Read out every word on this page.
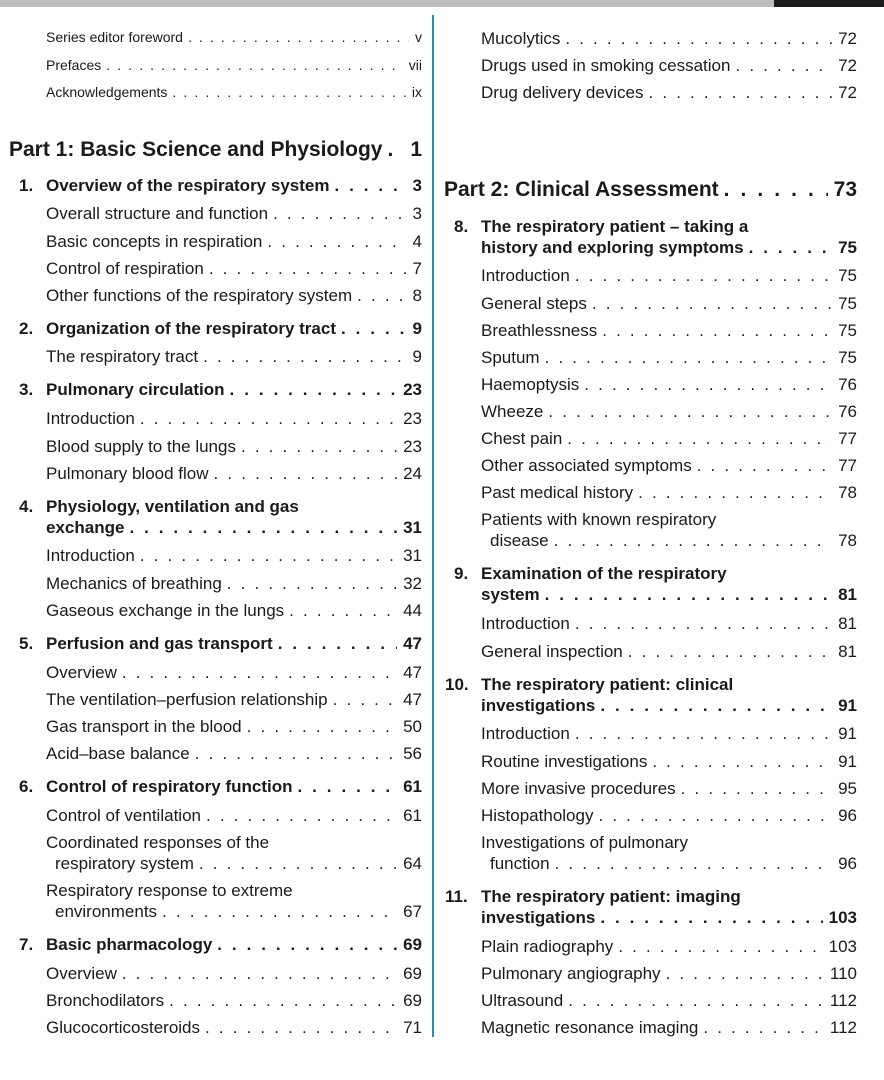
Series editor foreword . . .	v
Prefaces . . .	vii
Acknowledgements . . .	ix
Part 1: Basic Science and Physiology . . . 1
1. Overview of the respiratory system . . .	3
Overall structure and function . . .	3
Basic concepts in respiration . . .	4
Control of respiration . . .	7
Other functions of the respiratory system . . .	8
2. Organization of the respiratory tract . . .	9
The respiratory tract . . .	9
3. Pulmonary circulation . . .	23
Introduction . . .	23
Blood supply to the lungs . . .	23
Pulmonary blood flow . . .	24
4. Physiology, ventilation and gas
exchange . . .	31
Introduction . . .	31
Mechanics of breathing . . .	32
Gaseous exchange in the lungs . . .	44
5. Perfusion and gas transport . . .	47
Overview . . .	47
The ventilation–perfusion relationship . . .	47
Gas transport in the blood . . .	50
Acid–base balance . . .	56
6. Control of respiratory function . . .	61
Control of ventilation . . .	61
Coordinated responses of the
respiratory system . . .	64
Respiratory response to extreme
environments . . .	67
7. Basic pharmacology . . .	69
Overview . . .	69
Bronchodilators . . .	69
Glucocorticosteroids . . .	71
Mucolytics . . .	72
Drugs used in smoking cessation . . .	72
Drug delivery devices . . .	72
Part 2: Clinical Assessment . . .	73
8. The respiratory patient – taking a
history and exploring symptoms . . .	75
Introduction . . .	75
General steps . . .	75
Breathlessness . . .	75
Sputum . . .	75
Haemoptysis . . .	76
Wheeze . . .	76
Chest pain . . .	77
Other associated symptoms . . .	77
Past medical history . . .	78
Patients with known respiratory
disease . . .	78
9. Examination of the respiratory
system . . .	81
Introduction . . .	81
General inspection . . .	81
10. The respiratory patient: clinical
investigations . . .	91
Introduction . . .	91
Routine investigations . . .	91
More invasive procedures . . .	95
Histopathology . . .	96
Investigations of pulmonary
function . . .	96
11. The respiratory patient: imaging
investigations . . .	103
Plain radiography . . .	103
Pulmonary angiography . . .	110
Ultrasound . . .	112
Magnetic resonance imaging . . .	112
